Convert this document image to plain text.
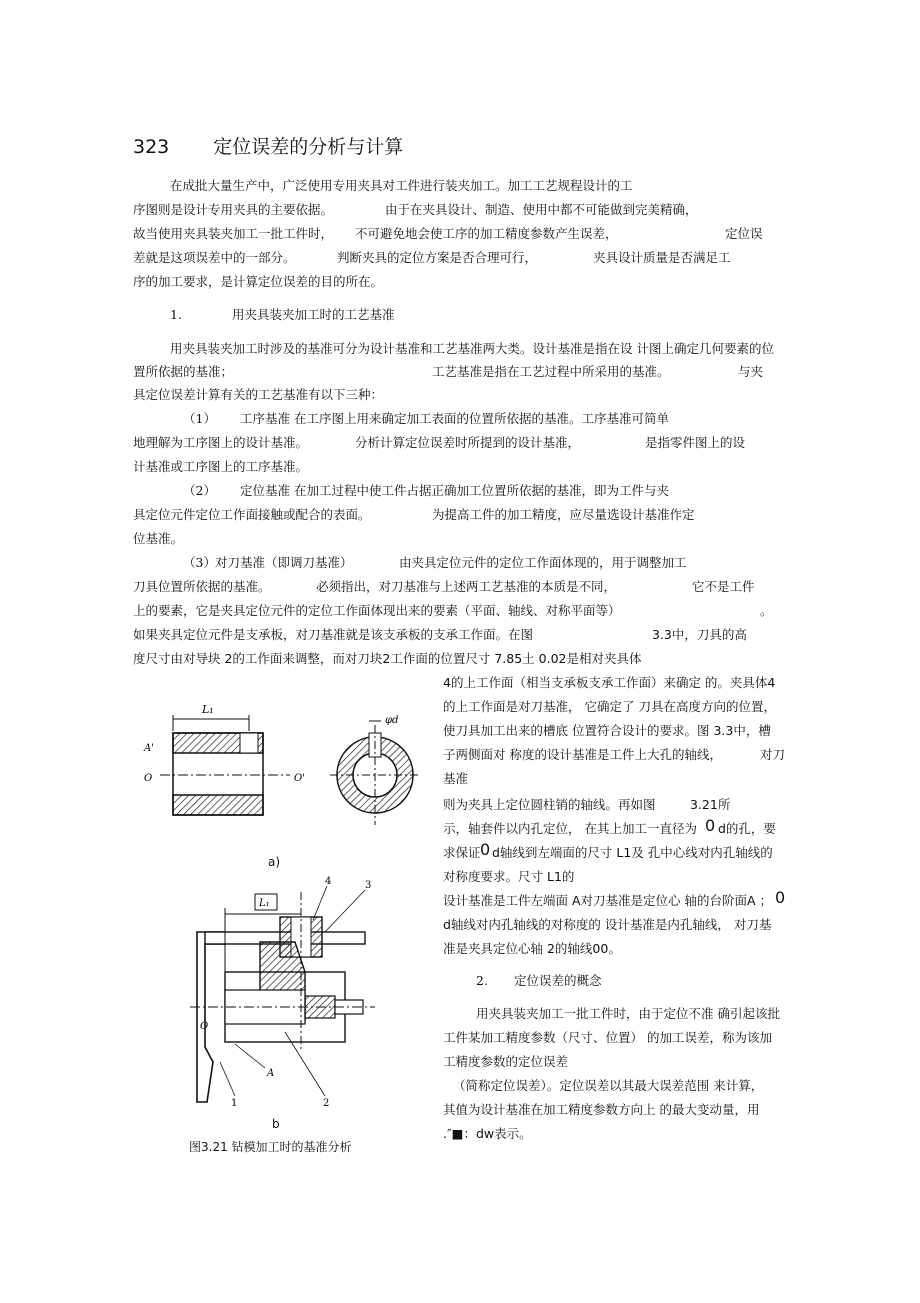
323 定位误差的分析与计算
在成批大量生产中，广泛使用专用夹具对工件进行装夹加工。加工工艺规程设计的工
序图则是设计专用夹具的主要依据。	由于在夹具设计、制造、使用中都不可能做到完美精确，
故当使用夹具装夹加工一批工件时， 不可避免地会使工序的加工精度参数产生误差，	定位误
差就是这项误差中的一部分。	判断夹具的定位方案是否合理可行，	夹具设计质量是否满足工
序的加工要求，是计算定位误差的目的所在。
1.	用夹具装夹加工时的工艺基准
用夹具装夹加工时涉及的基准可分为设计基准和工艺基准两大类。设计基准是指在设 计图上确定几何要素的位
置所依据的基准；	工艺基准是指在工艺过程中所采用的基准。	与夹
具定位误差计算有关的工艺基准有以下三种：
（1） 工序基准 在工序图上用来确定加工表面的位置所依据的基准。工序基准可简单
地理解为工序图上的设计基准。	分析计算定位误差时所提到的设计基准，	是指零件图上的设
计基准或工序图上的工序基准。
（2） 定位基准 在加工过程中使工件占据正确加工位置所依据的基准，即为工件与夹
具定位元件定位工作面接触或配合的表面。	为提高工件的加工精度，应尽量选设计基准作定
位基准。
（3） 对刀基准（即调刀基准）	由夹具定位元件的定位工作面体现的，用于调整加工
刀具位置所依据的基准。	必须指出，对刀基准与上述两工艺基准的本质是不同，	它不是工件
上的要素，它是夹具定位元件的定位工作面体现出来的要素（平面、轴线、对称平面等）	。
如果夹具定位元件是支承板，对刀基准就是该支承板的支承工作面。在图	3.3中，刀具的高
度尺寸由对导块 2的工作面来调整，而对刀块2工作面的位置尺寸 7.85土 0.02是相对夹具体
4的上工作面（相当支承板支承工作面）来确定 的。夹具体4
的上工作面是对刀基准， 它确定了 刀具在高度方向的位置，
使刀具加工出来的槽底 位置符合设计的要求。图 3.3中，槽
子两侧面对 称度的设计基准是工件上大孔的轴线，	对刀
基准
则为夹具上定位圆柱销的轴线。再如图	3.21所
示，轴套件以内孔定位， 在其上加工一直径为 0 d的孔，要
求保证 0 d轴线到左端面的尺寸 L1及 孔中心线对内孔轴线的
对称度要求。尺寸 L1的
设计基准是工件左端面 A对刀基准是定位心 轴的台阶面A ； 0
d轴线对内孔轴线的对称度的 设计基准是内孔轴线， 对刀基
准是夹具定位心轴 2的轴线00。
2. 定位误差的概念
用夹具装夹加工一批工件时，由于定位不准 确引起该批
工件某加工精度参数（尺寸、位置） 的加工误差，称为该加
工精度参数的定位误差
（简称定位误差）。定位误差以其最大误差范围 来计算，
其值为设计基准在加工精度参数方向上 的最大变动量，用
.″■：dw表示。
L₁
A'
O	O'
φd
a)
L₁
O
A
1	2
3
4
b
图3.21 钻模加工时的基准分析
